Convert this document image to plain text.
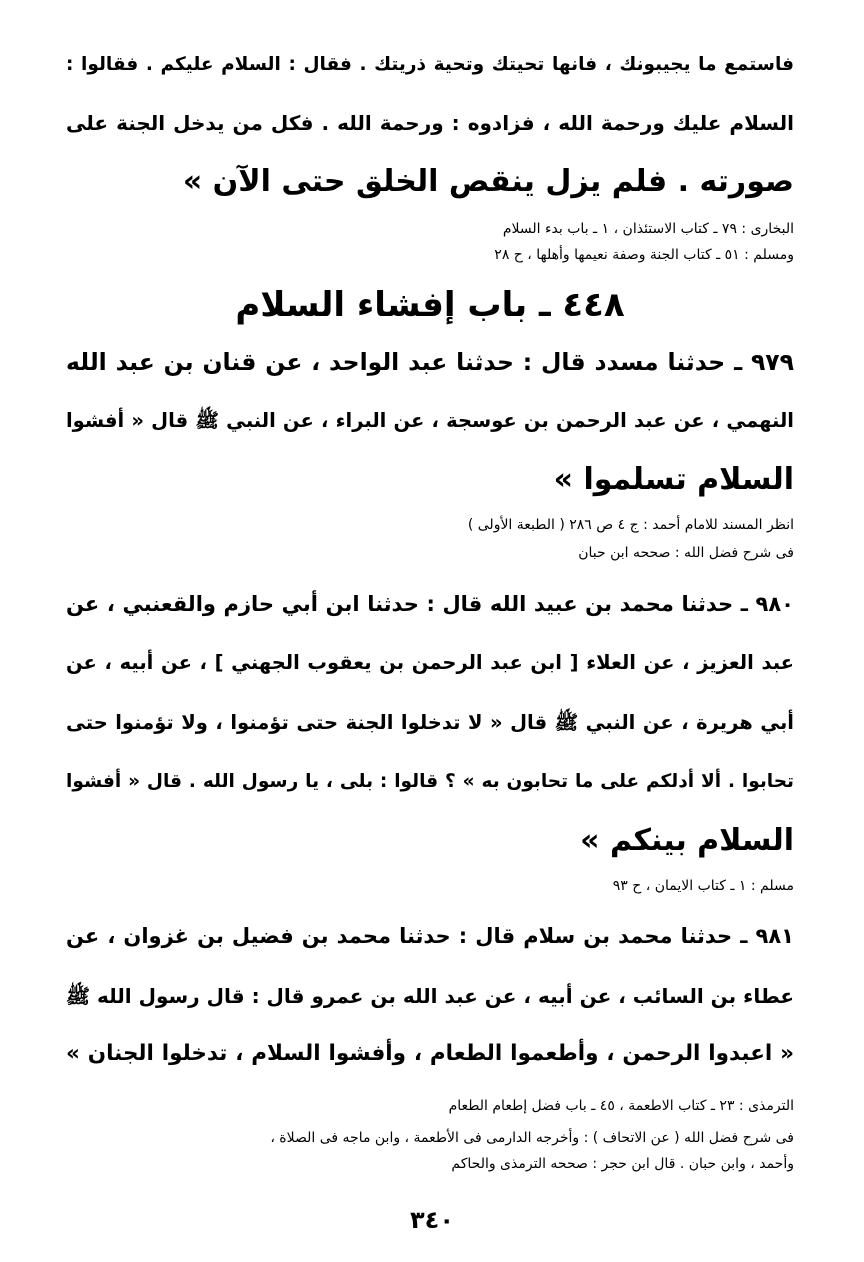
فاستمع ما يجيبونك ، فانها تحيتك وتحية ذريتك . فقال : السلام عليكم . فقالوا :
السلام عليك ورحمة الله ، فزادوه : ورحمة الله . فكل من يدخل الجنة على
صورته . فلم يزل ينقص الخلق حتى الآن »
البخارى : ٧٩ ـ كتاب الاستئذان ، ١ ـ باب بدء السلام
ومسلم : ٥١ ـ كتاب الجنة وصفة نعيمها وأهلها ، ح ٢٨
٤٤٨ ـ باب إفشاء السلام
٩٧٩ ـ حدثنا مسدد قال : حدثنا عبد الواحد ، عن قنان بن عبد الله
النهمي ، عن عبد الرحمن بن عوسجة ، عن البراء ، عن النبي ﷺ قال « أفشوا
السلام تسلموا »
انظر المسند للامام أحمد : ج ٤ ص ٢٨٦ ( الطبعة الأولى )
فى شرح فضل الله : صححه ابن حبان
٩٨٠ ـ حدثنا محمد بن عبيد الله قال : حدثنا ابن أبي حازم والقعنبي ، عن
عبد العزيز ، عن العلاء [ ابن عبد الرحمن بن يعقوب الجهني ] ، عن أبيه ، عن
أبي هريرة ، عن النبي ﷺ قال « لا تدخلوا الجنة حتى تؤمنوا ، ولا تؤمنوا حتى
تحابوا . ألا أدلكم على ما تحابون به » ؟ قالوا : بلى ، يا رسول الله . قال « أفشوا
السلام بينكم »
مسلم : ١ ـ كتاب الايمان ، ح ٩٣
٩٨١ ـ حدثنا محمد بن سلام قال : حدثنا محمد بن فضيل بن غزوان ، عن
عطاء بن السائب ، عن أبيه ، عن عبد الله بن عمرو قال : قال رسول الله ﷺ
« اعبدوا الرحمن ، وأطعموا الطعام ، وأفشوا السلام ، تدخلوا الجنان »
الترمذى : ٢٣ ـ كتاب الاطعمة ، ٤٥ ـ باب فضل إطعام الطعام
فى شرح فضل الله ( عن الاتحاف ) : وأخرجه الدارمى فى الأطعمة ، وابن ماجه فى الصلاة ،
وأحمد ، وابن حبان . قال ابن حجر : صححه الترمذى والحاكم
٣٤٠
